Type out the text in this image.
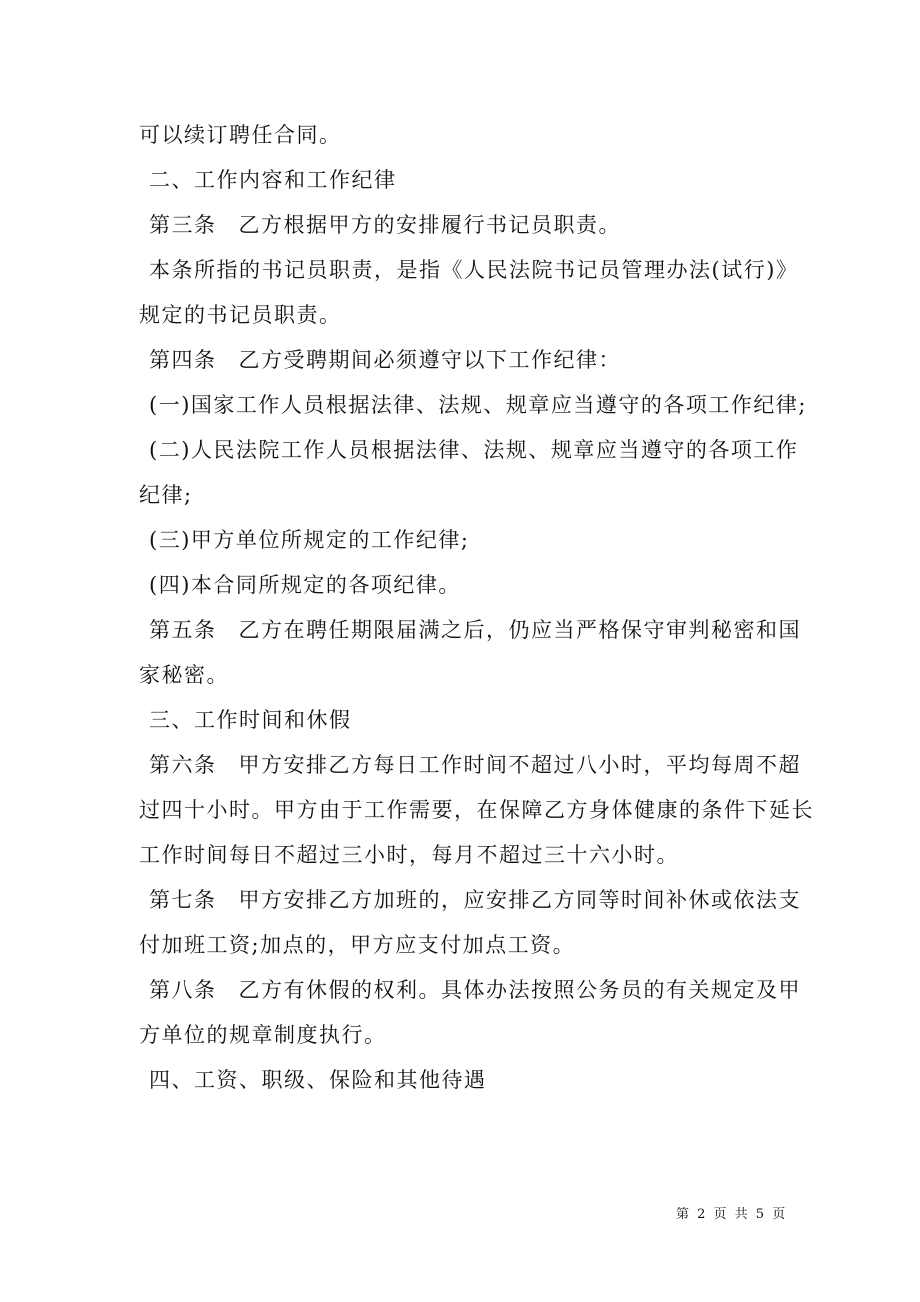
可以续订聘任合同。
二、工作内容和工作纪律
第三条 乙方根据甲方的安排履行书记员职责。
本条所指的书记员职责，是指《人民法院书记员管理办法(试行)》
规定的书记员职责。
第四条 乙方受聘期间必须遵守以下工作纪律：
(一)国家工作人员根据法律、法规、规章应当遵守的各项工作纪律;
(二)人民法院工作人员根据法律、法规、规章应当遵守的各项工作
纪律;
(三)甲方单位所规定的工作纪律;
(四)本合同所规定的各项纪律。
第五条 乙方在聘任期限届满之后，仍应当严格保守审判秘密和国
家秘密。
三、工作时间和休假
第六条 甲方安排乙方每日工作时间不超过八小时，平均每周不超
过四十小时。甲方由于工作需要，在保障乙方身体健康的条件下延长
工作时间每日不超过三小时，每月不超过三十六小时。
第七条 甲方安排乙方加班的，应安排乙方同等时间补休或依法支
付加班工资;加点的，甲方应支付加点工资。
第八条 乙方有休假的权利。具体办法按照公务员的有关规定及甲
方单位的规章制度执行。
四、工资、职级、保险和其他待遇
第 2 页 共 5 页
